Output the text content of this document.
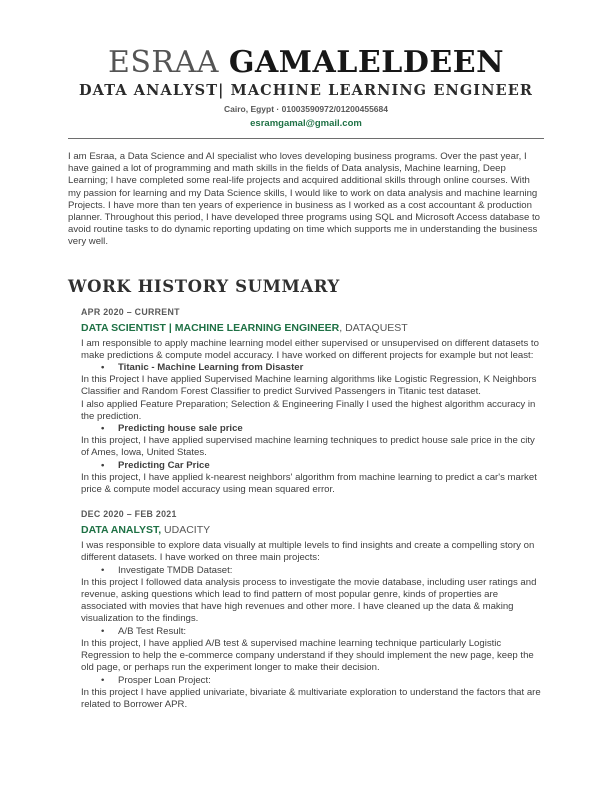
ESRAA GAMALELDEEN
DATA ANALYST| MACHINE LEARNING ENGINEER
Cairo, Egypt · 01003590972/01200455684
esramgamal@gmail.com
I am Esraa, a Data Science and AI specialist who loves developing business programs. Over the past year, I have gained a lot of programming and math skills in the fields of Data analysis, Machine learning, Deep Learning; I have completed some real-life projects and acquired additional skills through online courses. With my passion for learning and my Data Science skills, I would like to work on data analysis and machine learning Projects. I have more than ten years of experience in business as I worked as a cost accountant & production planner. Throughout this period, I have developed three programs using SQL and Microsoft Access database to avoid routine tasks to do dynamic reporting updating on time which supports me in understanding the business very well.
WORK HISTORY SUMMARY
APR 2020 – CURRENT
DATA SCIENTIST | MACHINE LEARNING ENGINEER, DATAQUEST
I am responsible to apply machine learning model either supervised or unsupervised on different datasets to make predictions & compute model accuracy. I have worked on different projects for example but not least:
• Titanic - Machine Learning from Disaster
In this Project I have applied Supervised Machine learning algorithms like Logistic Regression, K Neighbors Classifier and Random Forest Classifier to predict Survived Passengers in Titanic test dataset.
I also applied Feature Preparation; Selection & Engineering Finally I used the highest algorithm accuracy in the prediction.
• Predicting house sale price
In this project, I have applied supervised machine learning techniques to predict house sale price in the city of Ames, Iowa, United States.
• Predicting Car Price
In this project, I have applied k-nearest neighbors' algorithm from machine learning to predict a car's market price & compute model accuracy using mean squared error.
DEC 2020 – FEB 2021
DATA ANALYST, UDACITY
I was responsible to explore data visually at multiple levels to find insights and create a compelling story on different datasets. I have worked on three main projects:
• Investigate TMDB Dataset:
In this project I followed data analysis process to investigate the movie database, including user ratings and revenue, asking questions which lead to find pattern of most popular genre, kinds of properties are associated with movies that have high revenues and other more. I have cleaned up the data & making visualization to the findings.
• A/B Test Result:
In this project, I have applied A/B test & supervised machine learning technique particularly Logistic Regression to help the e-commerce company understand if they should implement the new page, keep the old page, or perhaps run the experiment longer to make their decision.
• Prosper Loan Project:
In this project I have applied univariate, bivariate & multivariate exploration to understand the factors that are related to Borrower APR.
